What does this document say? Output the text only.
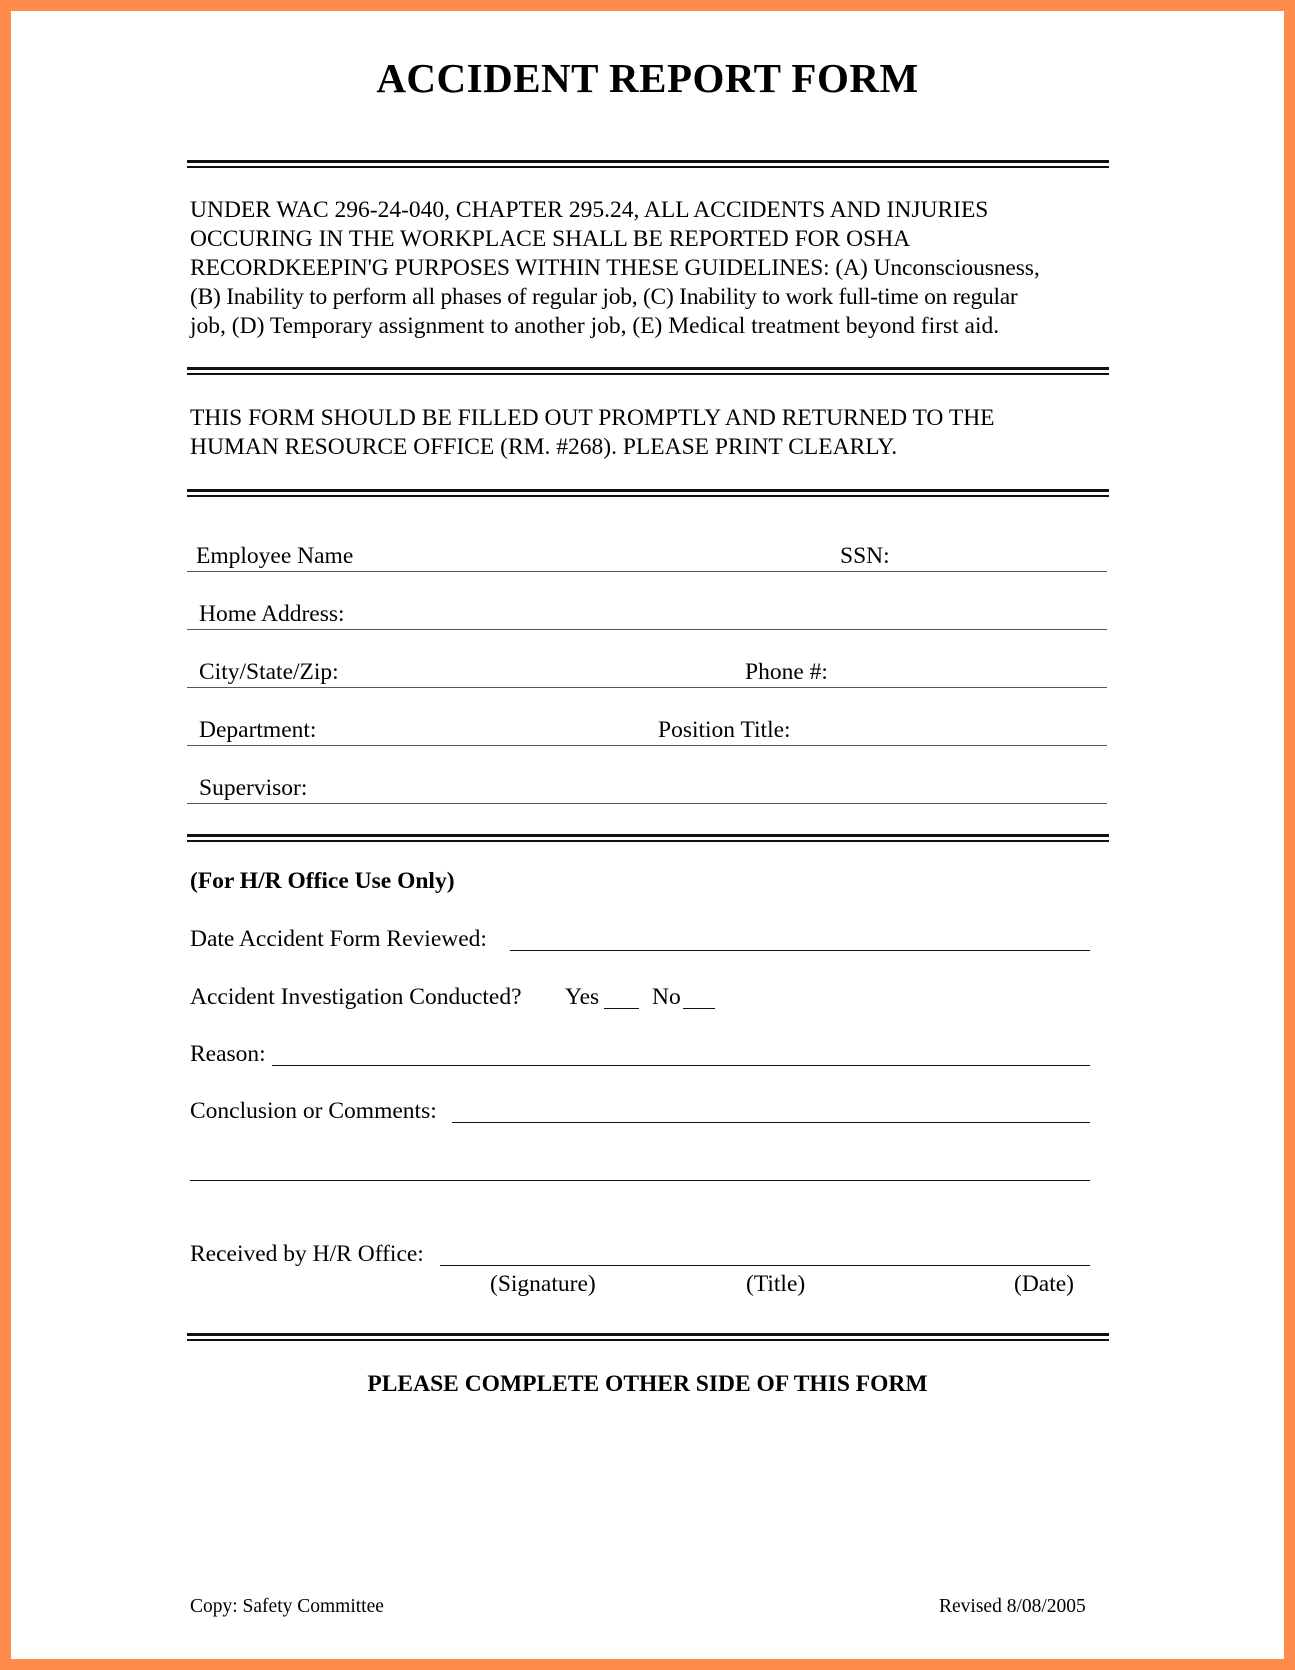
ACCIDENT REPORT FORM
UNDER WAC 296-24-040, CHAPTER 295.24, ALL ACCIDENTS AND INJURIES
OCCURING IN THE WORKPLACE SHALL BE REPORTED FOR OSHA
RECORDKEEPIN'G PURPOSES WITHIN THESE GUIDELINES: (A) Unconsciousness,
(B) Inability to perform all phases of regular job, (C) Inability to work full-time on regular
job, (D) Temporary assignment to another job, (E) Medical treatment beyond first aid.
THIS FORM SHOULD BE FILLED OUT PROMPTLY AND RETURNED TO THE
HUMAN RESOURCE OFFICE (RM. #268). PLEASE PRINT CLEARLY.
Employee Name	SSN:
Home Address:
City/State/Zip:	Phone #:
Department:	Position Title:
Supervisor:
(For H/R Office Use Only)
Date Accident Form Reviewed:
Accident Investigation Conducted? Yes No
Reason:
Conclusion or Comments:
Received by H/R Office:
(Signature)	(Title)	(Date)
PLEASE COMPLETE OTHER SIDE OF THIS FORM
Copy: Safety Committee	Revised 8/08/2005
